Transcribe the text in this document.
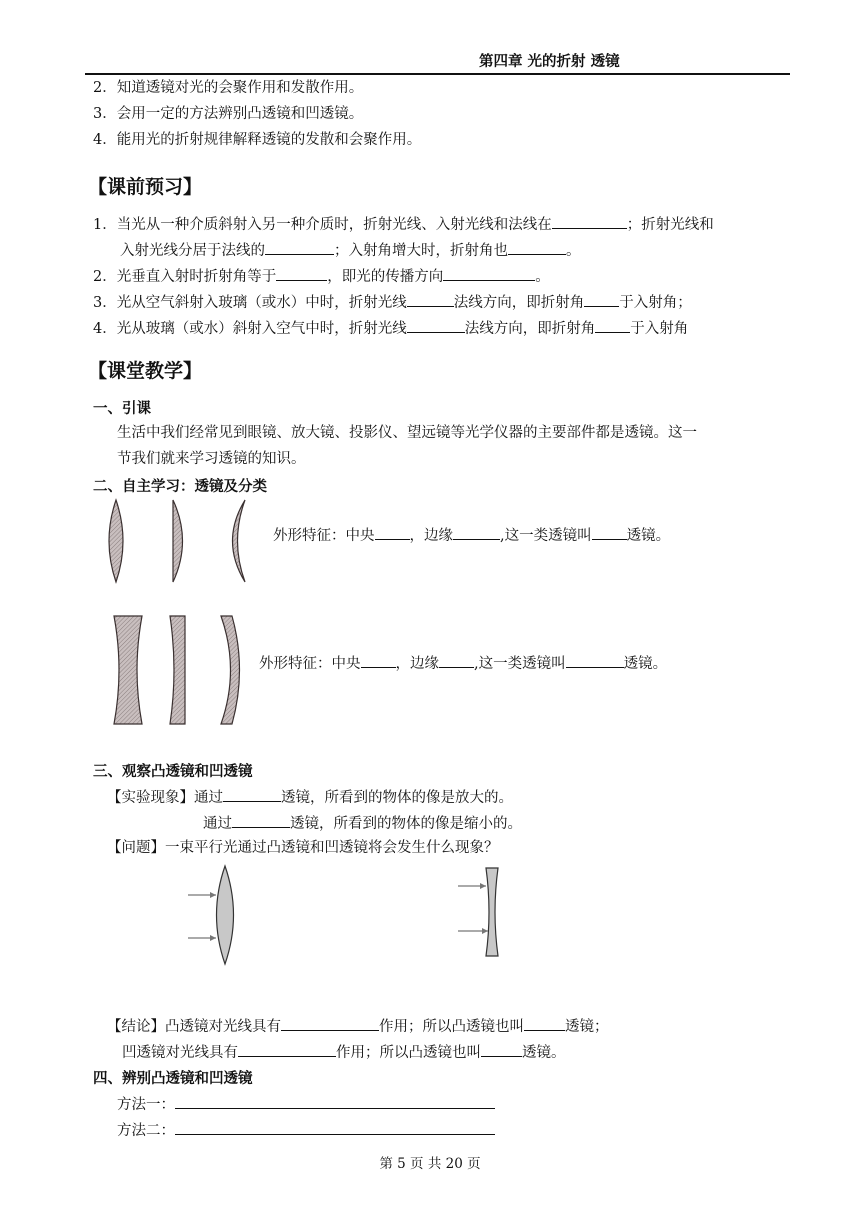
第四章 光的折射 透镜
2．知道透镜对光的会聚作用和发散作用。
3．会用一定的方法辨别凸透镜和凹透镜。
4．能用光的折射规律解释透镜的发散和会聚作用。
【课前预习】
1．当光从一种介质斜射入另一种介质时，折射光线、入射光线和法线在	；折射光线和
入射光线分居于法线的	；入射角增大时，折射角也	。
2．光垂直入射时折射角等于	，即光的传播方向	。
3．光从空气斜射入玻璃（或水）中时，折射光线	法线方向，即折射角 于入射角；
4．光从玻璃（或水）斜射入空气中时，折射光线	法线方向，即折射角 于入射角
【课堂教学】
一、引课
生活中我们经常见到眼镜、放大镜、投影仪、望远镜等光学仪器的主要部件都是透镜。这一
节我们就来学习透镜的知识。
二、自主学习：透镜及分类
外形特征：中央 ，边缘	,这一类透镜叫 透镜。
外形特征：中央 ，边缘 ,这一类透镜叫	透镜。
三、观察凸透镜和凹透镜
【实验现象】通过	透镜，所看到的物体的像是放大的。
通过	透镜，所看到的物体的像是缩小的。
【问题】一束平行光通过凸透镜和凹透镜将会发生什么现象？
【结论】凸透镜对光线具有	作用；所以凸透镜也叫	透镜；
凹透镜对光线具有	作用；所以凸透镜也叫	透镜。
四、辨别凸透镜和凹透镜
方法一：
方法二：
第 5 页 共 20 页
